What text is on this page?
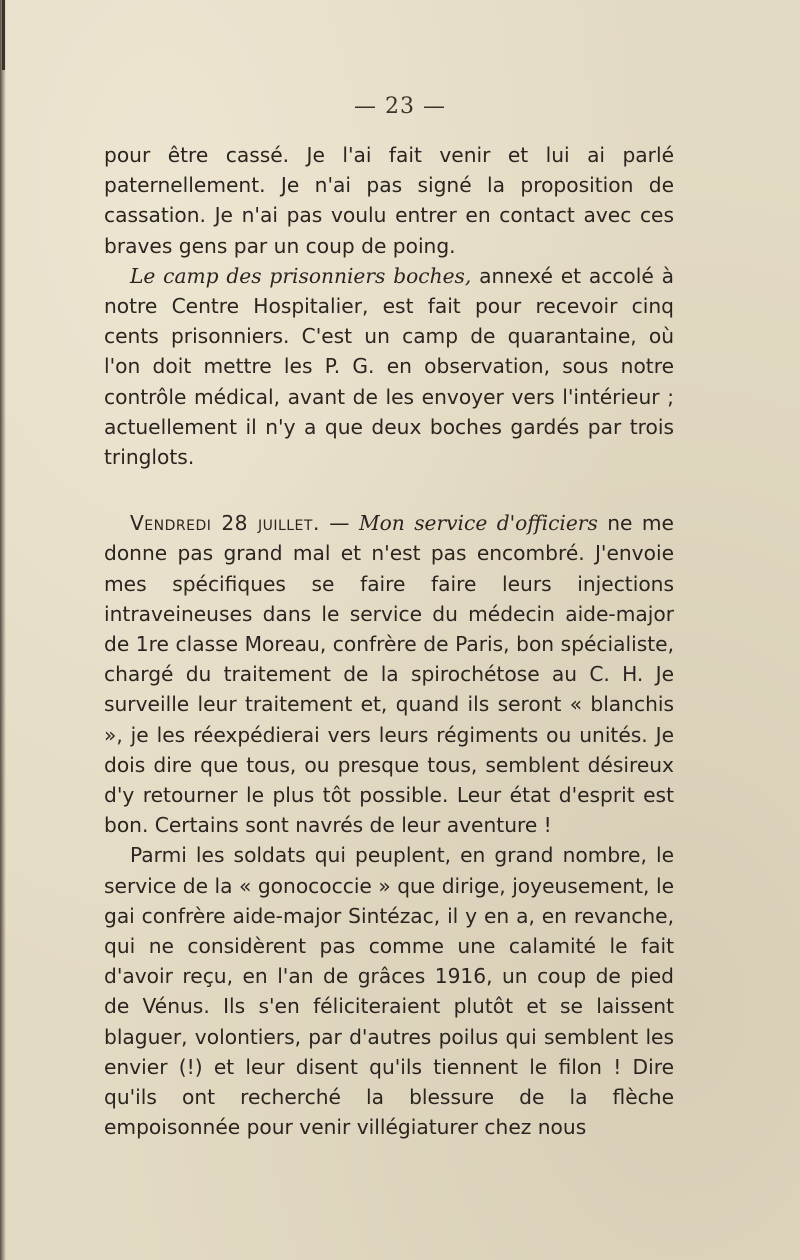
— 23 —

pour être cassé. Je l'ai fait venir et lui ai parlé paternellement. Je n'ai pas signé la proposition de cassation. Je n'ai pas voulu entrer en contact avec ces braves gens par un coup de poing.

Le camp des prisonniers boches, annexé et accolé à notre Centre Hospitalier, est fait pour recevoir cinq cents prisonniers. C'est un camp de quarantaine, où l'on doit mettre les P. G. en observation, sous notre contrôle médical, avant de les envoyer vers l'intérieur ; actuellement il n'y a que deux boches gardés par trois tringlots.

Vendredi 28 juillet. — Mon service d'officiers ne me donne pas grand mal et n'est pas encombré. J'envoie mes spécifiques se faire faire leurs injections intraveineuses dans le service du médecin aide-major de 1re classe Moreau, confrère de Paris, bon spécialiste, chargé du traitement de la spirochétose au C. H. Je surveille leur traitement et, quand ils seront « blanchis », je les réexpédierai vers leurs régiments ou unités. Je dois dire que tous, ou presque tous, semblent désireux d'y retourner le plus tôt possible. Leur état d'esprit est bon. Certains sont navrés de leur aventure !

Parmi les soldats qui peuplent, en grand nombre, le service de la « gonococcie » que dirige, joyeusement, le gai confrère aide-major Sintézac, il y en a, en revanche, qui ne considèrent pas comme une calamité le fait d'avoir reçu, en l'an de grâces 1916, un coup de pied de Vénus. Ils s'en féliciteraient plutôt et se laissent blaguer, volontiers, par d'autres poilus qui semblent les envier (!) et leur disent qu'ils tiennent le filon ! Dire qu'ils ont recherché la blessure de la flèche empoisonnée pour venir villégiaturer chez nous
